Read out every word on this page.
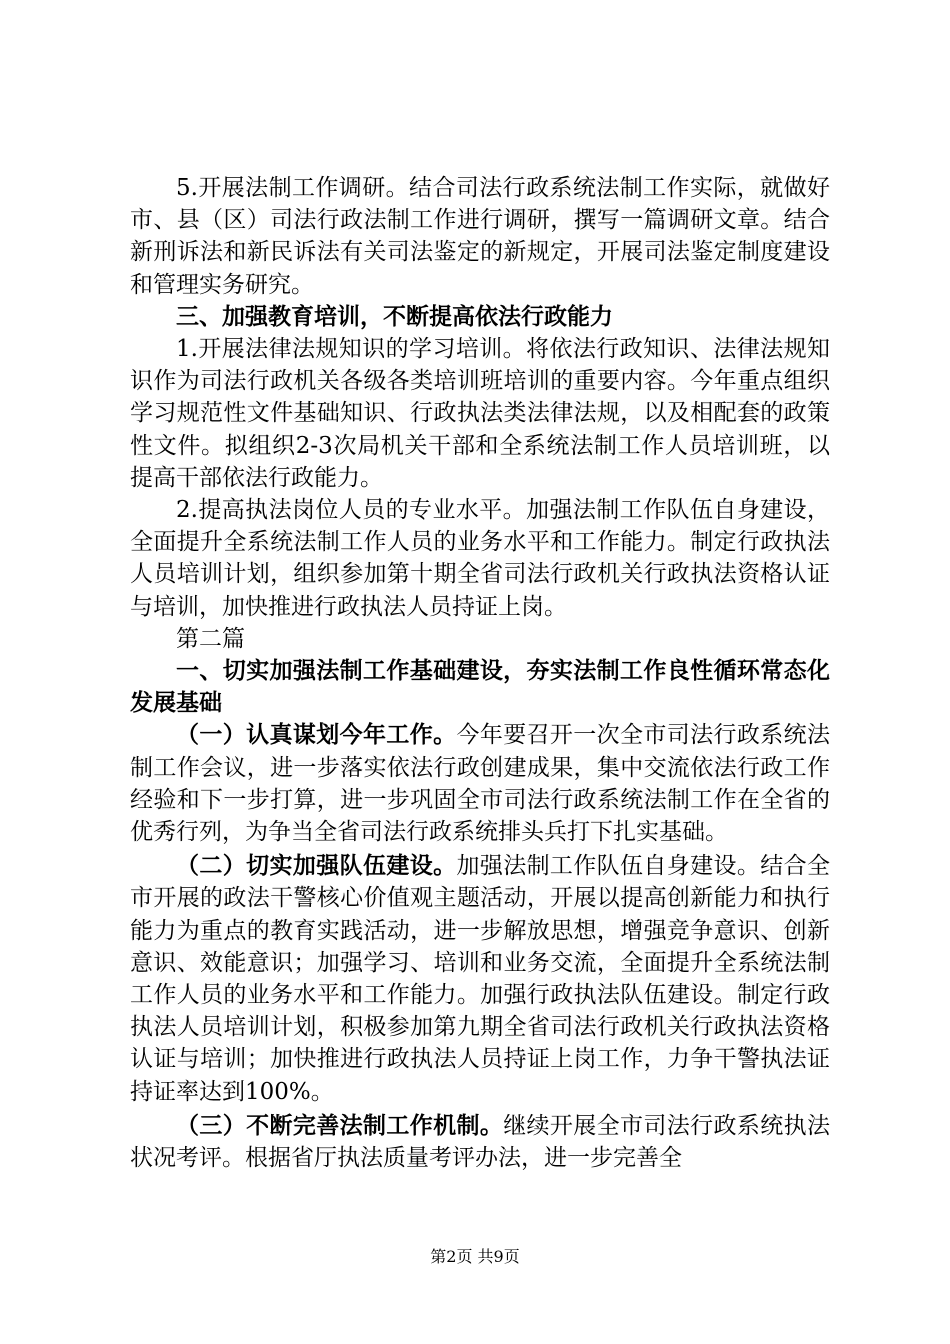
5.开展法制工作调研。结合司法行政系统法制工作实际，就做好市、县（区）司法行政法制工作进行调研，撰写一篇调研文章。结合新刑诉法和新民诉法有关司法鉴定的新规定，开展司法鉴定制度建设和管理实务研究。

三、加强教育培训，不断提高依法行政能力

1.开展法律法规知识的学习培训。将依法行政知识、法律法规知识作为司法行政机关各级各类培训班培训的重要内容。今年重点组织学习规范性文件基础知识、行政执法类法律法规，以及相配套的政策性文件。拟组织2-3次局机关干部和全系统法制工作人员培训班，以提高干部依法行政能力。

2.提高执法岗位人员的专业水平。加强法制工作队伍自身建设，全面提升全系统法制工作人员的业务水平和工作能力。制定行政执法人员培训计划，组织参加第十期全省司法行政机关行政执法资格认证与培训，加快推进行政执法人员持证上岗。

第二篇

一、切实加强法制工作基础建设，夯实法制工作良性循环常态化发展基础

（一）认真谋划今年工作。今年要召开一次全市司法行政系统法制工作会议，进一步落实依法行政创建成果，集中交流依法行政工作经验和下一步打算，进一步巩固全市司法行政系统法制工作在全省的优秀行列，为争当全省司法行政系统排头兵打下扎实基础。

（二）切实加强队伍建设。加强法制工作队伍自身建设。结合全市开展的政法干警核心价值观主题活动，开展以提高创新能力和执行能力为重点的教育实践活动，进一步解放思想，增强竞争意识、创新意识、效能意识；加强学习、培训和业务交流，全面提升全系统法制工作人员的业务水平和工作能力。加强行政执法队伍建设。制定行政执法人员培训计划，积极参加第九期全省司法行政机关行政执法资格认证与培训；加快推进行政执法人员持证上岗工作，力争干警执法证持证率达到100%。

（三）不断完善法制工作机制。继续开展全市司法行政系统执法状况考评。根据省厅执法质量考评办法，进一步完善全

第2页 共9页
